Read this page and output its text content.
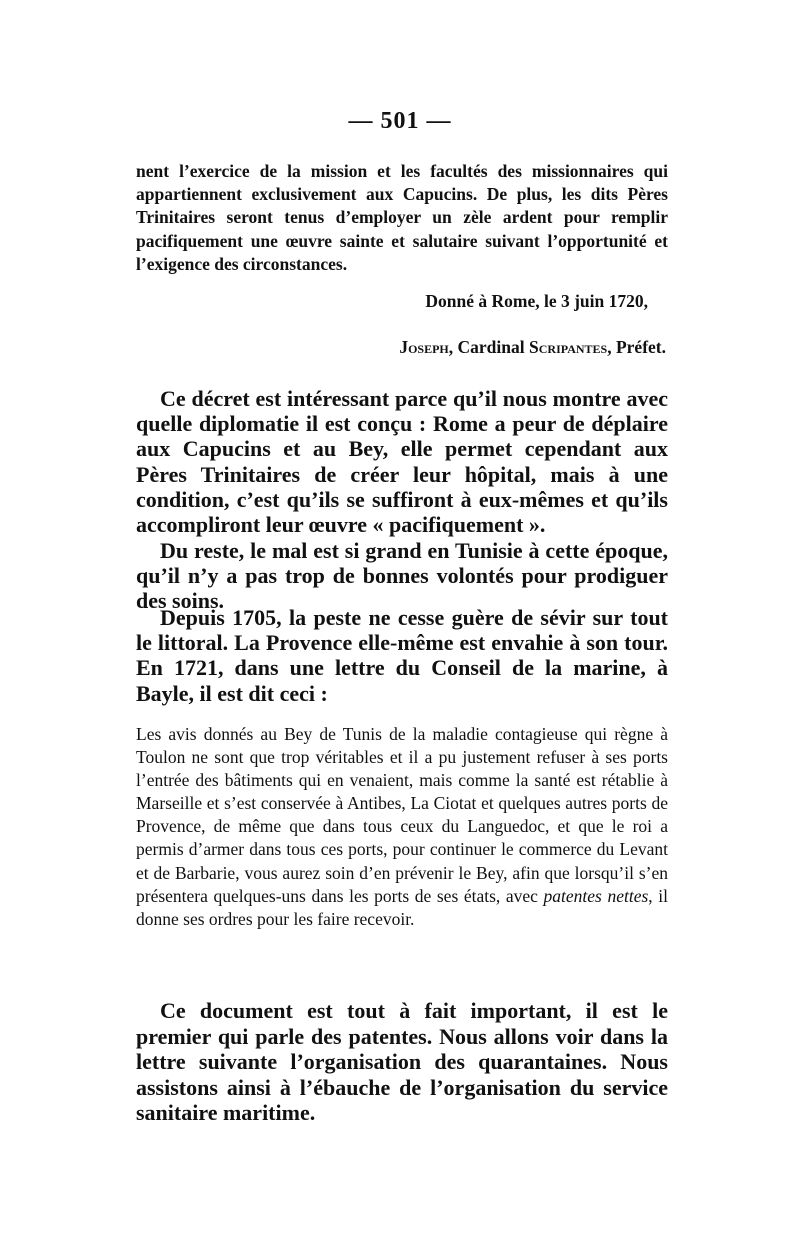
— 501 —

nent l’exercice de la mission et les facultés des missionnaires qui appartiennent exclusivement aux Capucins. De plus, les dits Pères Trinitaires seront tenus d’employer un zèle ardent pour remplir pacifiquement une œuvre sainte et salutaire suivant l’opportunité et l’exigence des circonstances.

Donné à Rome, le 3 juin 1720,
Joseph, Cardinal Scripantes, Préfet.

Ce décret est intéressant parce qu’il nous montre avec quelle diplomatie il est conçu : Rome a peur de déplaire aux Capucins et au Bey, elle permet cependant aux Pères Trinitaires de créer leur hôpital, mais à une condition, c’est qu’ils se suffiront à eux-mêmes et qu’ils accompliront leur œuvre « pacifiquement ».

Du reste, le mal est si grand en Tunisie à cette époque, qu’il n’y a pas trop de bonnes volontés pour prodiguer des soins.

Depuis 1705, la peste ne cesse guère de sévir sur tout le littoral. La Provence elle-même est envahie à son tour. En 1721, dans une lettre du Conseil de la marine, à Bayle, il est dit ceci :

Les avis donnés au Bey de Tunis de la maladie contagieuse qui règne à Toulon ne sont que trop véritables et il a pu justement refuser à ses ports l’entrée des bâtiments qui en venaient, mais comme la santé est rétablie à Marseille et s’est conservée à Antibes, La Ciotat et quelques autres ports de Provence, de même que dans tous ceux du Languedoc, et que le roi a permis d’armer dans tous ces ports, pour continuer le commerce du Levant et de Barbarie, vous aurez soin d’en prévenir le Bey, afin que lorsqu’il s’en présentera quelques-uns dans les ports de ses états, avec patentes nettes, il donne ses ordres pour les faire recevoir.

Ce document est tout à fait important, il est le premier qui parle des patentes. Nous allons voir dans la lettre suivante l’organisation des quarantaines. Nous assistons ainsi à l’ébauche de l’organisation du service sanitaire maritime.
